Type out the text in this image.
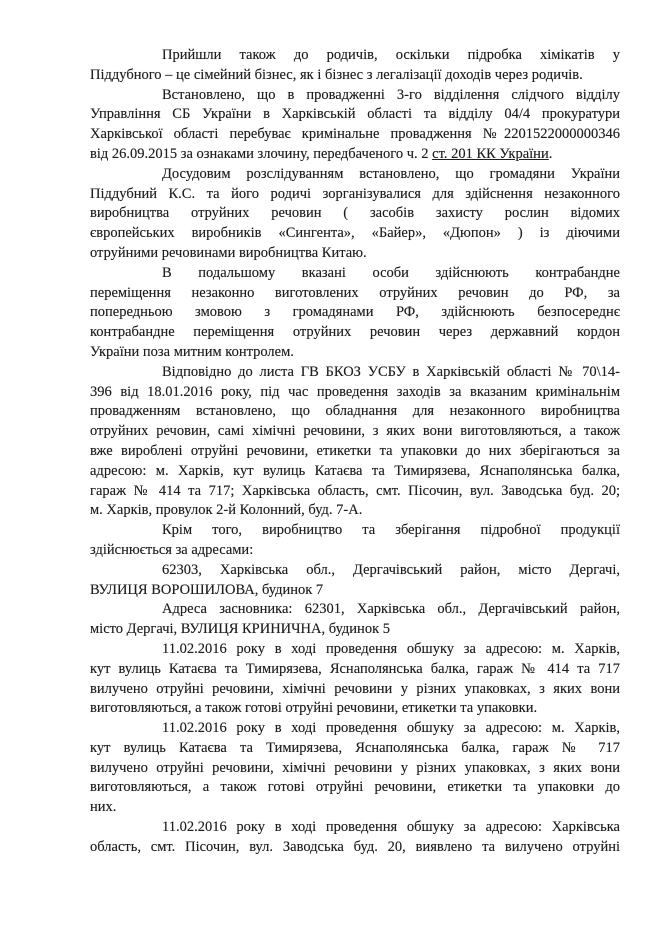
Прийшли також до родичів, оскільки підробка хімікатів у
Піддубного – це сімейний бізнес, як і бізнес з легалізації доходів через родичів.
Встановлено, що в провадженні 3-го відділення слідчого відділу
Управління СБ України в Харківській області та відділу 04/4 прокуратури
Харківської області перебуває кримінальне провадження №2201522000000346
від 26.09.2015 за ознаками злочину, передбаченого ч. 2 ст. 201 КК України.
Досудовим розслідуванням встановлено, що громадяни України
Піддубний К.С. та його родичі зорганізувалися для здійснення незаконного
виробництва отруйних речовин ( засобів захисту рослин відомих
європейських виробників «Сингента», «Байер», «Дюпон» ) із діючими
отруйними речовинами виробництва Китаю.
В подальшому вказані особи здійснюють контрабандне
переміщення незаконно виготовлених отруйних речовин до РФ, за
попередньою змовою з громадянами РФ, здійснюють безпосереднє
контрабандне переміщення отруйних речовин через державний кордон
України поза митним контролем.
Відповідно до листа ГВ БКОЗ УСБУ в Харківській області № 70\14-
396 від 18.01.2016 року, під час проведення заходів за вказаним кримінальнім
провадженням встановлено, що обладнання для незаконного виробництва
отруйних речовин, самі хімічні речовини, з яких вони виготовляються, а також
вже вироблені отруйні речовини, етикетки та упаковки до них зберігаються за
адресою: м. Харків, кут вулиць Катаєва та Тимирязева, Яснаполянська балка,
гараж № 414 та 717; Харківська область, смт. Пісочин, вул. Заводська буд. 20;
м. Харків, провулок 2-й Колонний, буд. 7-А.
Крім того, виробництво та зберігання підробної продукції
здійснюється за адресами:
62303, Харківська обл., Дергачівський район, місто Дергачі,
ВУЛИЦЯ ВОРОШИЛОВА, будинок 7
Адреса засновника: 62301, Харківська обл., Дергачівський район,
місто Дергачі, ВУЛИЦЯ КРИНИЧНА, будинок 5
11.02.2016 року в ході проведення обшуку за адресою: м. Харків,
кут вулиць Катаєва та Тимирязева, Яснаполянська балка, гараж № 414 та 717
вилучено отруйні речовини, хімічні речовини у різних упаковках, з яких вони
виготовляються, а також готові отруйні речовини, етикетки та упаковки.
11.02.2016 року в ході проведення обшуку за адресою: м. Харків,
кут вулиць Катаєва та Тимирязева, Яснаполянська балка, гараж № 717
вилучено отруйні речовини, хімічні речовини у різних упаковках, з яких вони
виготовляються, а також готові отруйні речовини, етикетки та упаковки до
них.
11.02.2016 року в ході проведення обшуку за адресою: Харківська
область, смт. Пісочин, вул. Заводська буд. 20, виявлено та вилучено отруйні
